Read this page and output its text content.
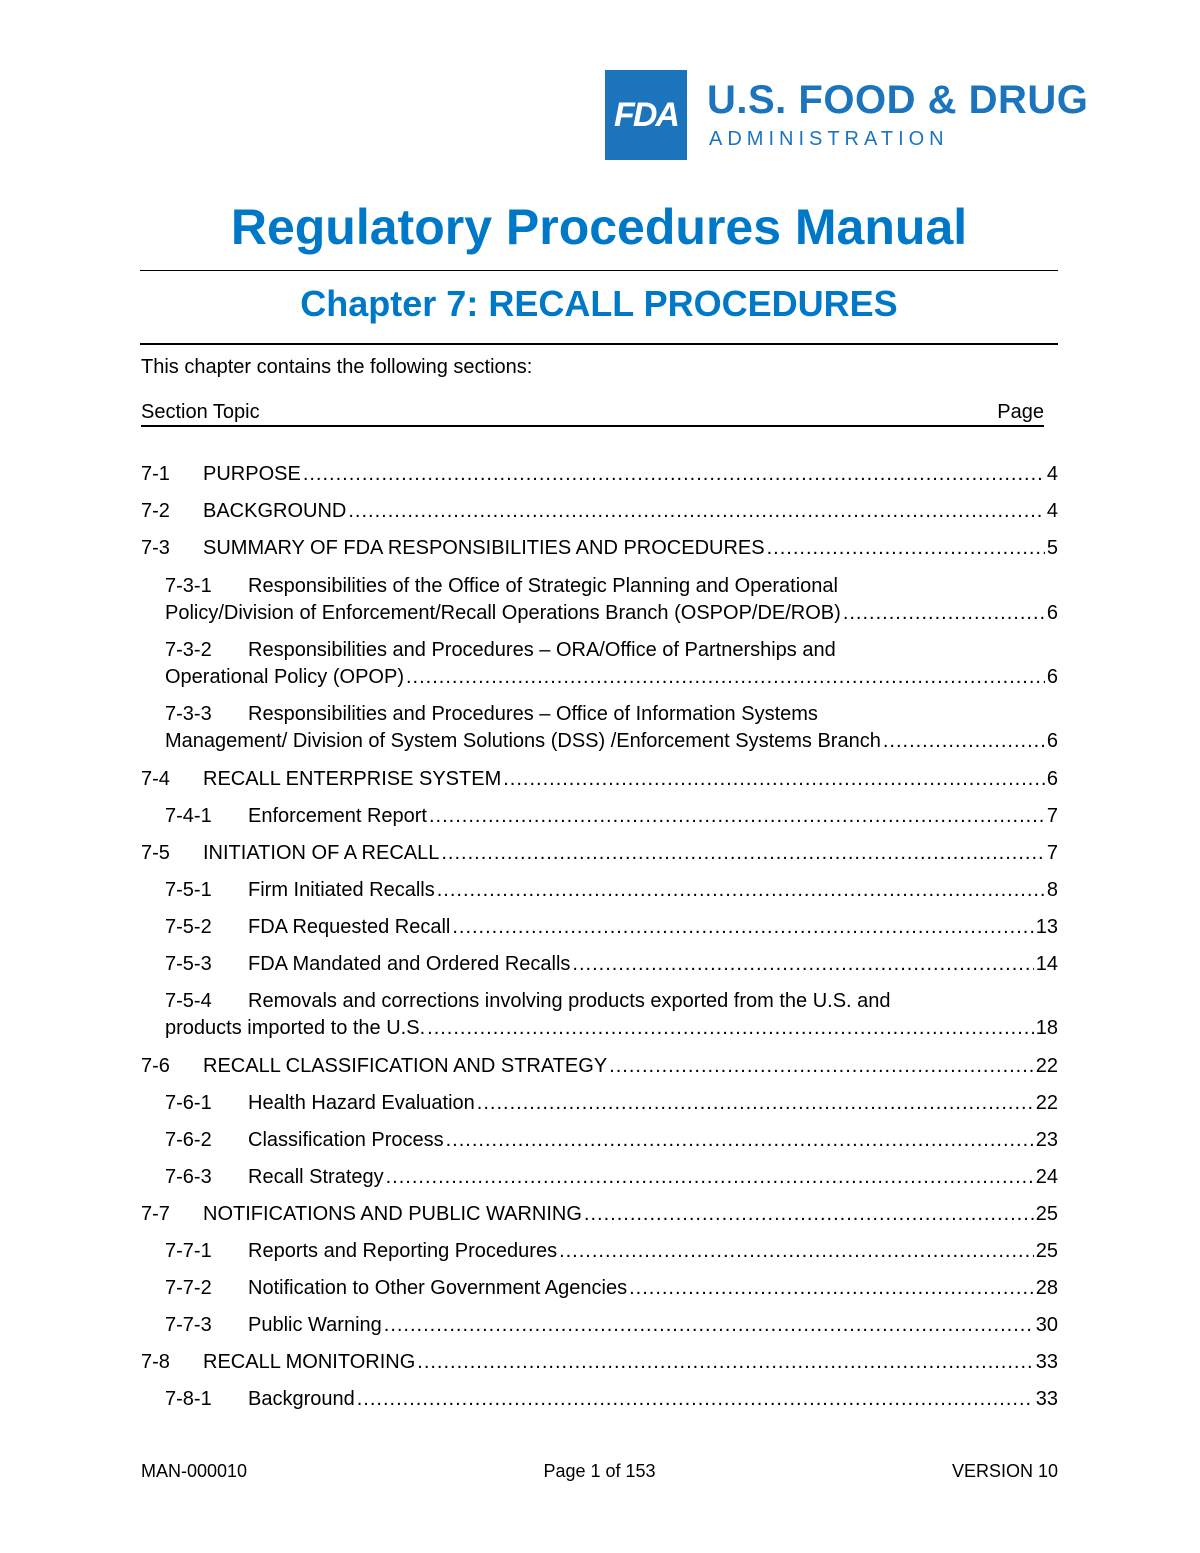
FDA U.S. FOOD & DRUG
ADMINISTRATION
Regulatory Procedures Manual
Chapter 7: RECALL PROCEDURES
This chapter contains the following sections:
Section Topic	Page
7-1	PURPOSE .....	4
7-2	BACKGROUND .....	4
7-3	SUMMARY OF FDA RESPONSIBILITIES AND PROCEDURES .....	5
7-3-1	Responsibilities of the Office of Strategic Planning and Operational
Policy/Division of Enforcement/Recall Operations Branch (OSPOP/DE/ROB) .....	6
7-3-2	Responsibilities and Procedures – ORA/Office of Partnerships and
Operational Policy (OPOP) .....	6
7-3-3	Responsibilities and Procedures – Office of Information Systems
Management/ Division of System Solutions (DSS) /Enforcement Systems Branch .....	6
7-4	RECALL ENTERPRISE SYSTEM .....	6
7-4-1	Enforcement Report .....	7
7-5	INITIATION OF A RECALL .....	7
7-5-1	Firm Initiated Recalls .....	8
7-5-2	FDA Requested Recall .....	13
7-5-3	FDA Mandated and Ordered Recalls .....	14
7-5-4	Removals and corrections involving products exported from the U.S. and
products imported to the U.S. .....	18
7-6	RECALL CLASSIFICATION AND STRATEGY .....	22
7-6-1	Health Hazard Evaluation .....	22
7-6-2	Classification Process .....	23
7-6-3	Recall Strategy .....	24
7-7	NOTIFICATIONS AND PUBLIC WARNING .....	25
7-7-1	Reports and Reporting Procedures .....	25
7-7-2	Notification to Other Government Agencies .....	28
7-7-3	Public Warning .....	30
7-8	RECALL MONITORING .....	33
7-8-1	Background .....	33
MAN-000010	Page 1 of 153	VERSION 10
